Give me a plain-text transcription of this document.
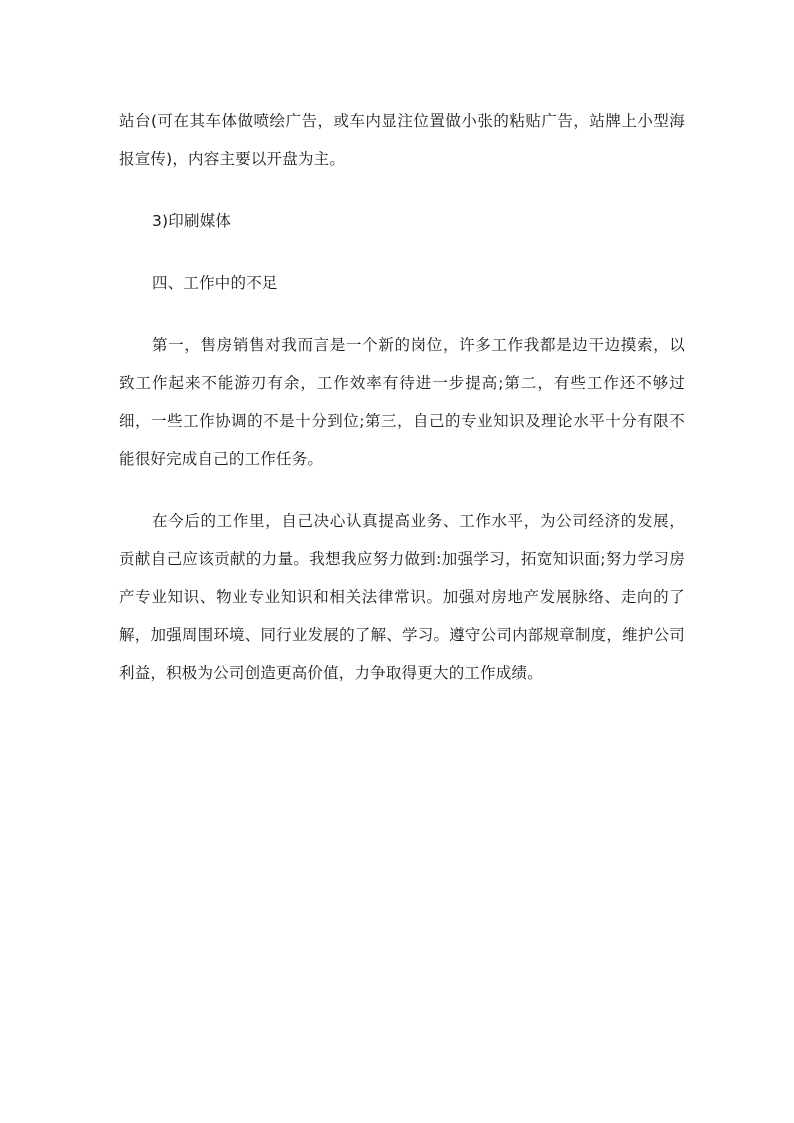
站台(可在其车体做喷绘广告，或车内显注位置做小张的粘贴广告，站牌上小型海报宣传)，内容主要以开盘为主。

3)印刷媒体

四、工作中的不足

第一，售房销售对我而言是一个新的岗位，许多工作我都是边干边摸索，以致工作起来不能游刃有余，工作效率有待进一步提高;第二，有些工作还不够过细，一些工作协调的不是十分到位;第三，自己的专业知识及理论水平十分有限不能很好完成自己的工作任务。

在今后的工作里，自己决心认真提高业务、工作水平，为公司经济的发展，贡献自己应该贡献的力量。我想我应努力做到:加强学习，拓宽知识面;努力学习房产专业知识、物业专业知识和相关法律常识。加强对房地产发展脉络、走向的了解，加强周围环境、同行业发展的了解、学习。遵守公司内部规章制度，维护公司利益，积极为公司创造更高价值，力争取得更大的工作成绩。
